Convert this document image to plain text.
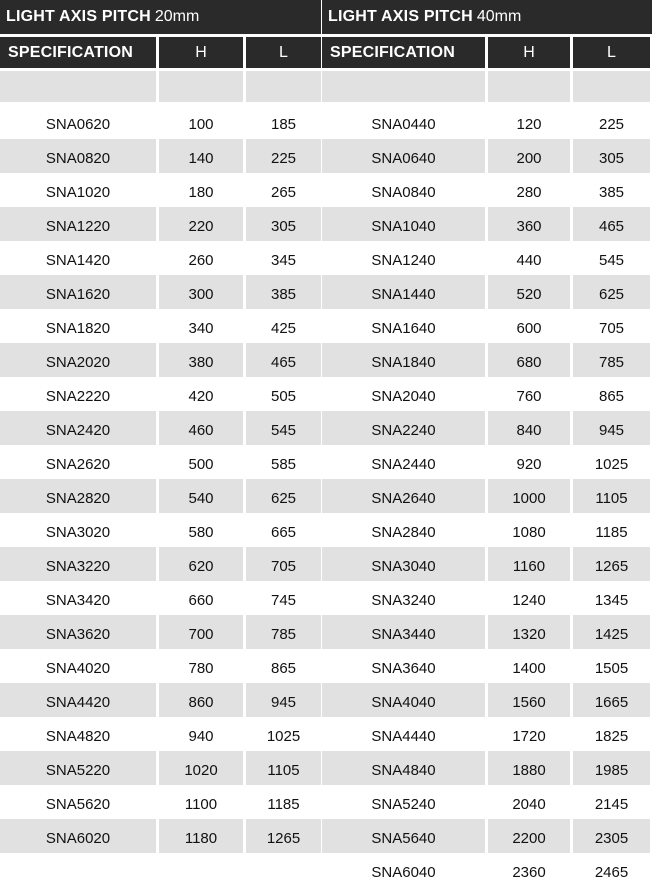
LIGHT AXIS PITCH 20mm
SPECIFICATION	H	L
SNA0620	100	185
SNA0820	140	225
SNA1020	180	265
SNA1220	220	305
SNA1420	260	345
SNA1620	300	385
SNA1820	340	425
SNA2020	380	465
SNA2220	420	505
SNA2420	460	545
SNA2620	500	585
SNA2820	540	625
SNA3020	580	665
SNA3220	620	705
SNA3420	660	745
SNA3620	700	785
SNA4020	780	865
SNA4420	860	945
SNA4820	940	1025
SNA5220	1020	1105
SNA5620	1100	1185
SNA6020	1180	1265
LIGHT AXIS PITCH 40mm
SPECIFICATION	H	L
SNA0440	120	225
SNA0640	200	305
SNA0840	280	385
SNA1040	360	465
SNA1240	440	545
SNA1440	520	625
SNA1640	600	705
SNA1840	680	785
SNA2040	760	865
SNA2240	840	945
SNA2440	920	1025
SNA2640	1000	1105
SNA2840	1080	1185
SNA3040	1160	1265
SNA3240	1240	1345
SNA3440	1320	1425
SNA3640	1400	1505
SNA4040	1560	1665
SNA4440	1720	1825
SNA4840	1880	1985
SNA5240	2040	2145
SNA5640	2200	2305
SNA6040	2360	2465
